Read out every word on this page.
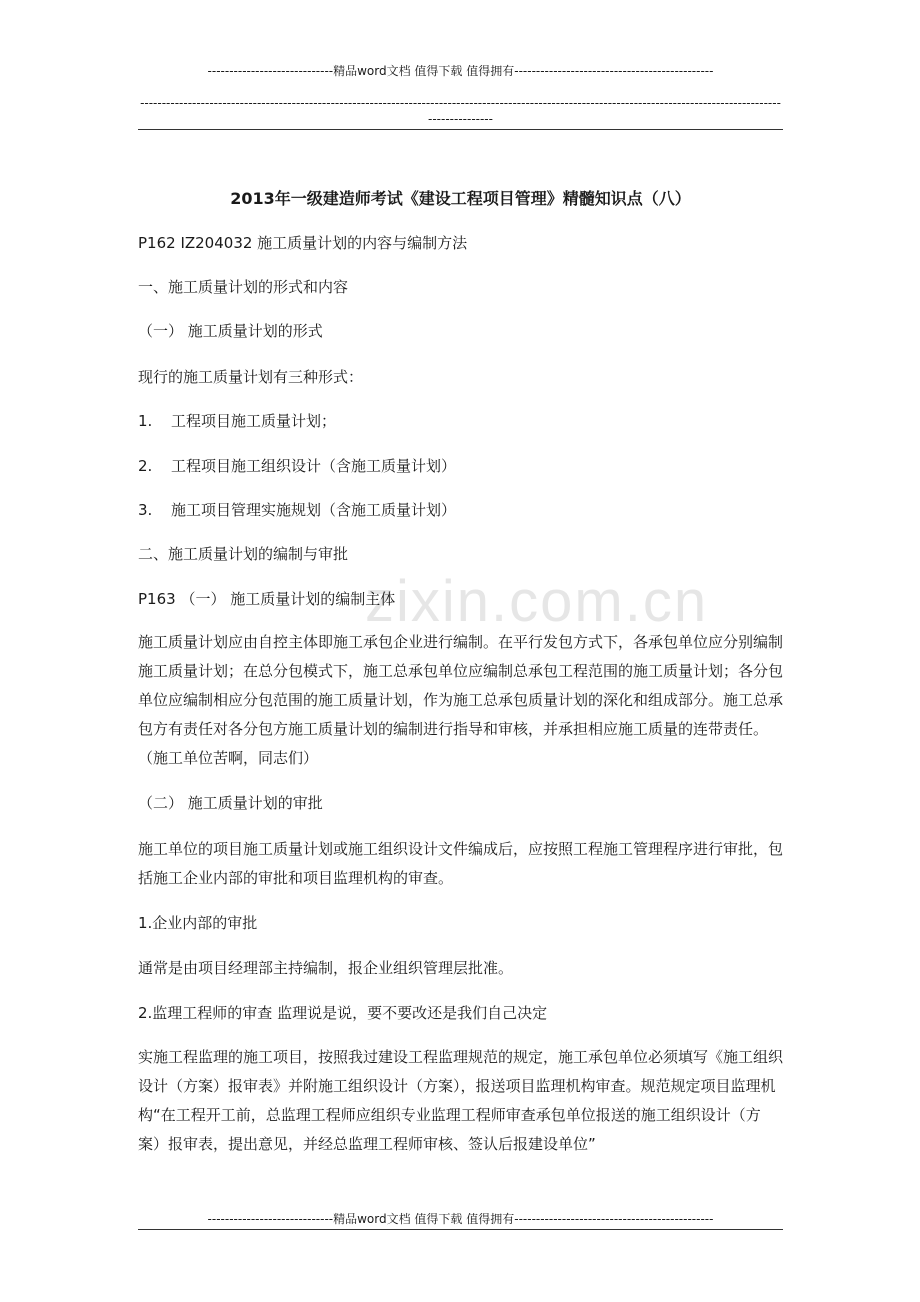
-----------------------------精品word文档 值得下载 值得拥有----------------------------------------------
----------------------------------------------------------------------------------------------------------------------------------------------------
---------------
zixin.com.cn
2013年一级建造师考试《建设工程项目管理》精髓知识点（八）
P162 IZ204032 施工质量计划的内容与编制方法
一、施工质量计划的形式和内容
（一） 施工质量计划的形式
现行的施工质量计划有三种形式：
1.	工程项目施工质量计划；
2.	工程项目施工组织设计（含施工质量计划）
3.	施工项目管理实施规划（含施工质量计划）
二、施工质量计划的编制与审批
P163 （一） 施工质量计划的编制主体
施工质量计划应由自控主体即施工承包企业进行编制。在平行发包方式下，各承包单位应分别编制施工质量计划；在总分包模式下，施工总承包单位应编制总承包工程范围的施工质量计划；各分包单位应编制相应分包范围的施工质量计划，作为施工总承包质量计划的深化和组成部分。施工总承包方有责任对各分包方施工质量计划的编制进行指导和审核，并承担相应施工质量的连带责任。（施工单位苦啊，同志们）
（二） 施工质量计划的审批
施工单位的项目施工质量计划或施工组织设计文件编成后，应按照工程施工管理程序进行审批，包括施工企业内部的审批和项目监理机构的审查。
1.企业内部的审批
通常是由项目经理部主持编制，报企业组织管理层批准。
2.监理工程师的审查 监理说是说，要不要改还是我们自己决定
实施工程监理的施工项目，按照我过建设工程监理规范的规定，施工承包单位必须填写《施工组织设计（方案）报审表》并附施工组织设计（方案），报送项目监理机构审查。规范规定项目监理机构“在工程开工前，总监理工程师应组织专业监理工程师审查承包单位报送的施工组织设计（方案）报审表，提出意见，并经总监理工程师审核、签认后报建设单位”
-----------------------------精品word文档 值得下载 值得拥有----------------------------------------------
